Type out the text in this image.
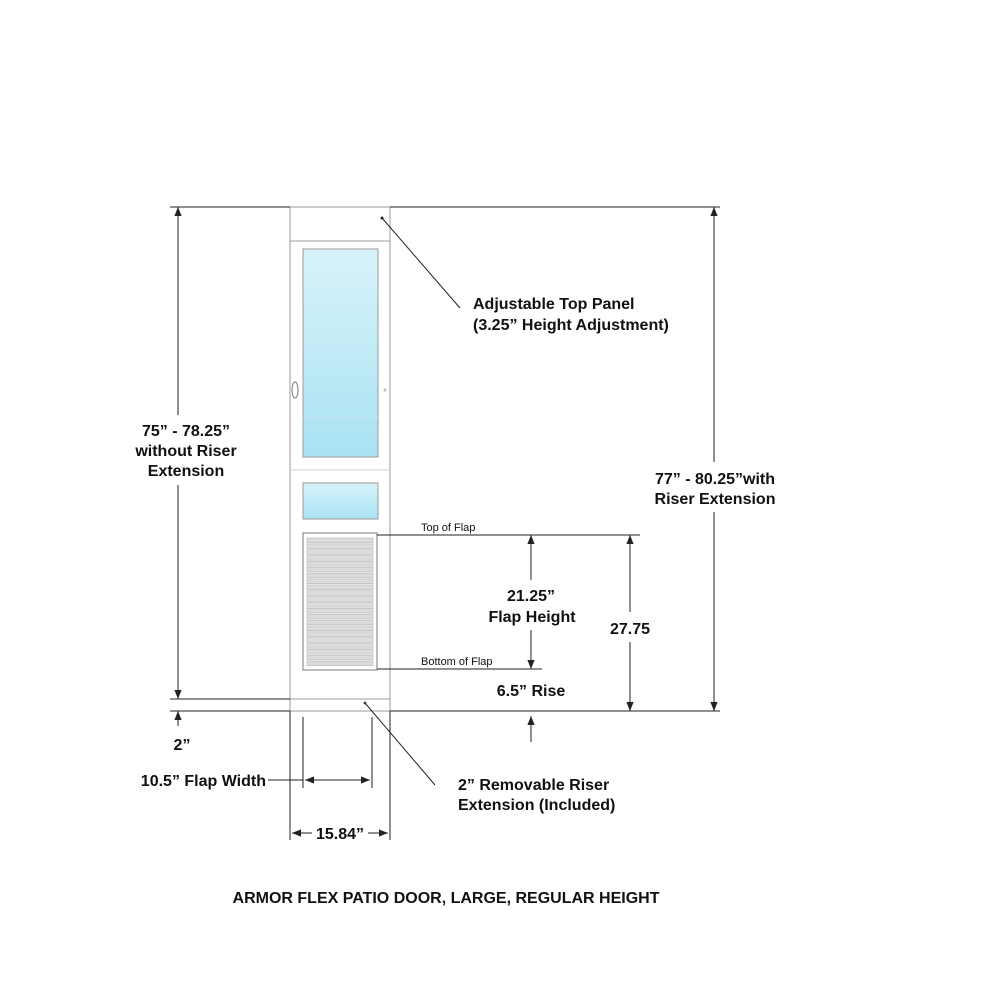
75” - 78.25”
without Riser
Extension
2”
77” - 80.25”with
Riser Extension
Adjustable Top Panel
(3.25” Height Adjustment)
Top of Flap
Bottom of Flap
21.25”
Flap Height
27.75
6.5” Rise
10.5” Flap Width	2” Removable Riser
Extension (Included)
15.84”
ARMOR FLEX PATIO DOOR, LARGE, REGULAR HEIGHT
